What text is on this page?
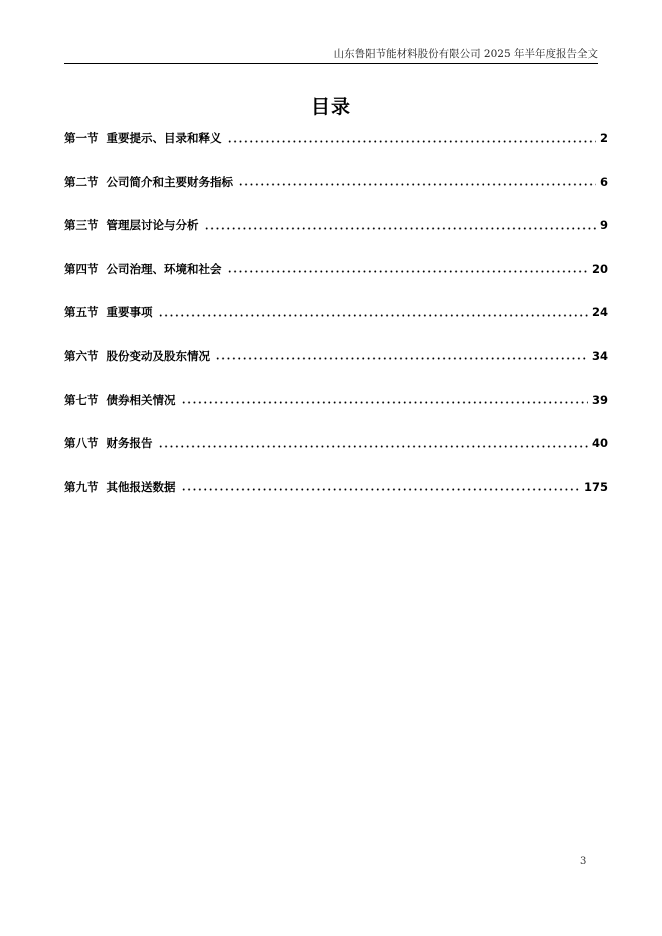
山东鲁阳节能材料股份有限公司 2025 年半年度报告全文
目录
第一节 重要提示、目录和释义	2
第二节 公司简介和主要财务指标	6
第三节 管理层讨论与分析	9
第四节 公司治理、环境和社会	20
第五节 重要事项	24
第六节 股份变动及股东情况	34
第七节 债券相关情况	39
第八节 财务报告	40
第九节 其他报送数据	175
3
